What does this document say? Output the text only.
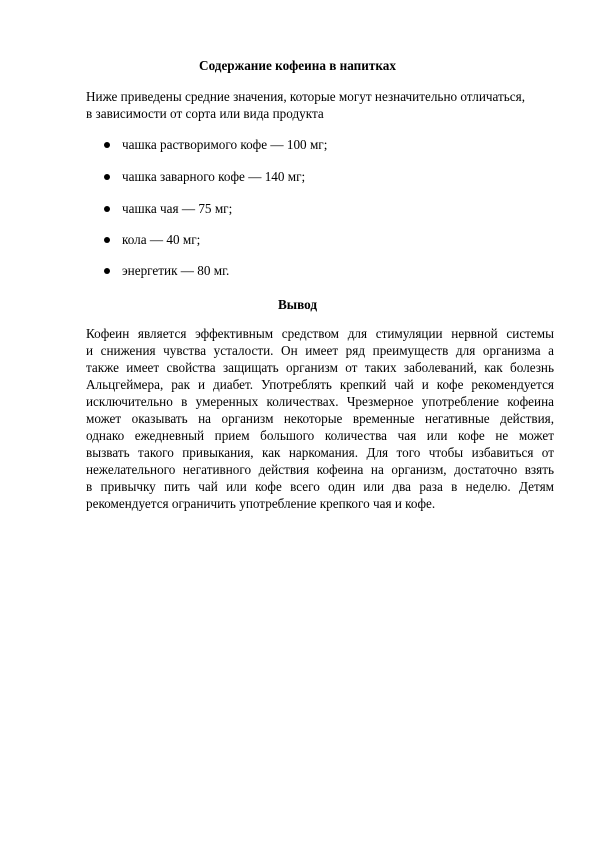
Содержание кофеина в напитках

Ниже приведены средние значения, которые могут незначительно отличаться,
в зависимости от сорта или вида продукта

чашка растворимого кофе — 100 мг;
чашка заварного кофе — 140 мг;
чашка чая — 75 мг;
кола — 40 мг;
энергетик — 80 мг.
Вывод
Кофеин является эффективным средством для стимуляции нервной системы
и снижения чувства усталости. Он имеет ряд преимуществ для организма а
также имеет свойства защищать организм от таких заболеваний, как болезнь
Альцгеймера, рак и диабет. Употреблять крепкий чай и кофе рекомендуется
исключительно в умеренных количествах. Чрезмерное употребление кофеина
может оказывать на организм некоторые временные негативные действия,
однако ежедневный прием большого количества чая или кофе не может
вызвать такого привыкания, как наркомания. Для того чтобы избавиться от
нежелательного негативного действия кофеина на организм, достаточно взять
в привычку пить чай или кофе всего один или два раза в неделю. Детям
рекомендуется ограничить употребление крепкого чая и кофе.
